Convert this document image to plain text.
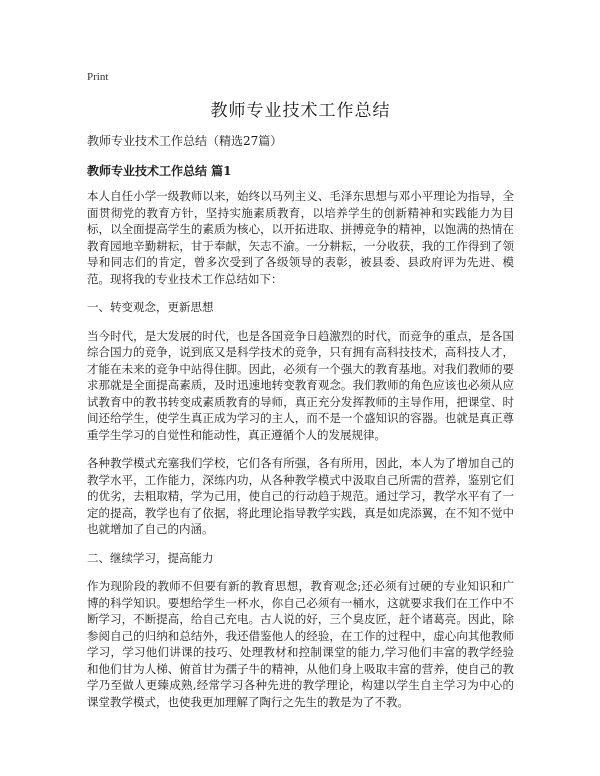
Print
教师专业技术工作总结
教师专业技术工作总结（精选27篇）
教师专业技术工作总结 篇1

本人自任小学一级教师以来，始终以马列主义、毛泽东思想与邓小平理论为指导，全面贯彻党的教育方针，坚持实施素质教育，以培养学生的创新精神和实践能力为目标，以全面提高学生的素质为核心，以开拓进取、拼搏竞争的精神，以饱满的热情在教育园地辛勤耕耘，甘于奉献，矢志不渝。一分耕耘，一分收获，我的工作得到了领导和同志们的肯定，曾多次受到了各级领导的表彰，被县委、县政府评为先进、模范。现将我的专业技术工作总结如下：

一、转变观念，更新思想

当今时代，是大发展的时代，也是各国竞争日趋激烈的时代，而竞争的重点，是各国综合国力的竞争，说到底又是科学技术的竞争，只有拥有高科技技术，高科技人才，才能在未来的竞争中站得住脚。因此，必须有一个强大的教育基地。对我们教师的要求那就是全面提高素质，及时迅速地转变教育观念。我们教师的角色应该也必须从应试教育中的教书转变成素质教育的导师，真正充分发挥教师的主导作用，把课堂、时间还给学生，使学生真正成为学习的主人，而不是一个盛知识的容器。也就是真正尊重学生学习的自觉性和能动性，真正遵循个人的发展规律。

各种教学模式充塞我们学校，它们各有所强，各有所用，因此，本人为了增加自己的教学水平，工作能力，深练内功，从各种教学模式中汲取自己所需的营养，鉴别它们的优劣，去粗取精，学为己用，使自己的行动趋于规范。通过学习，教学水平有了一定的提高，教学也有了依据，将此理论指导教学实践，真是如虎添翼，在不知不觉中也就增加了自己的内涵。

二、继续学习，提高能力

作为现阶段的教师不但要有新的教育思想，教育观念;还必须有过硬的专业知识和广博的科学知识。要想给学生一杯水，你自己必须有一桶水，这就要求我们在工作中不断学习，不断提高，给自己充电。古人说的好，三个臭皮匠，赶个诸葛亮。因此，除参阅自己的归纳和总结外，我还借鉴他人的经验，在工作的过程中，虚心向其他教师学习，学习他们讲课的技巧、处理教材和控制课堂的能力,学习他们丰富的教学经验和他们甘为人梯、俯首甘为孺子牛的精神，从他们身上吸取丰富的营养，使自己的教学乃至做人更臻成熟,经常学习各种先进的教学理论，构建以学生自主学习为中心的课堂教学模式，也使我更加理解了陶行之先生的教是为了不教。
